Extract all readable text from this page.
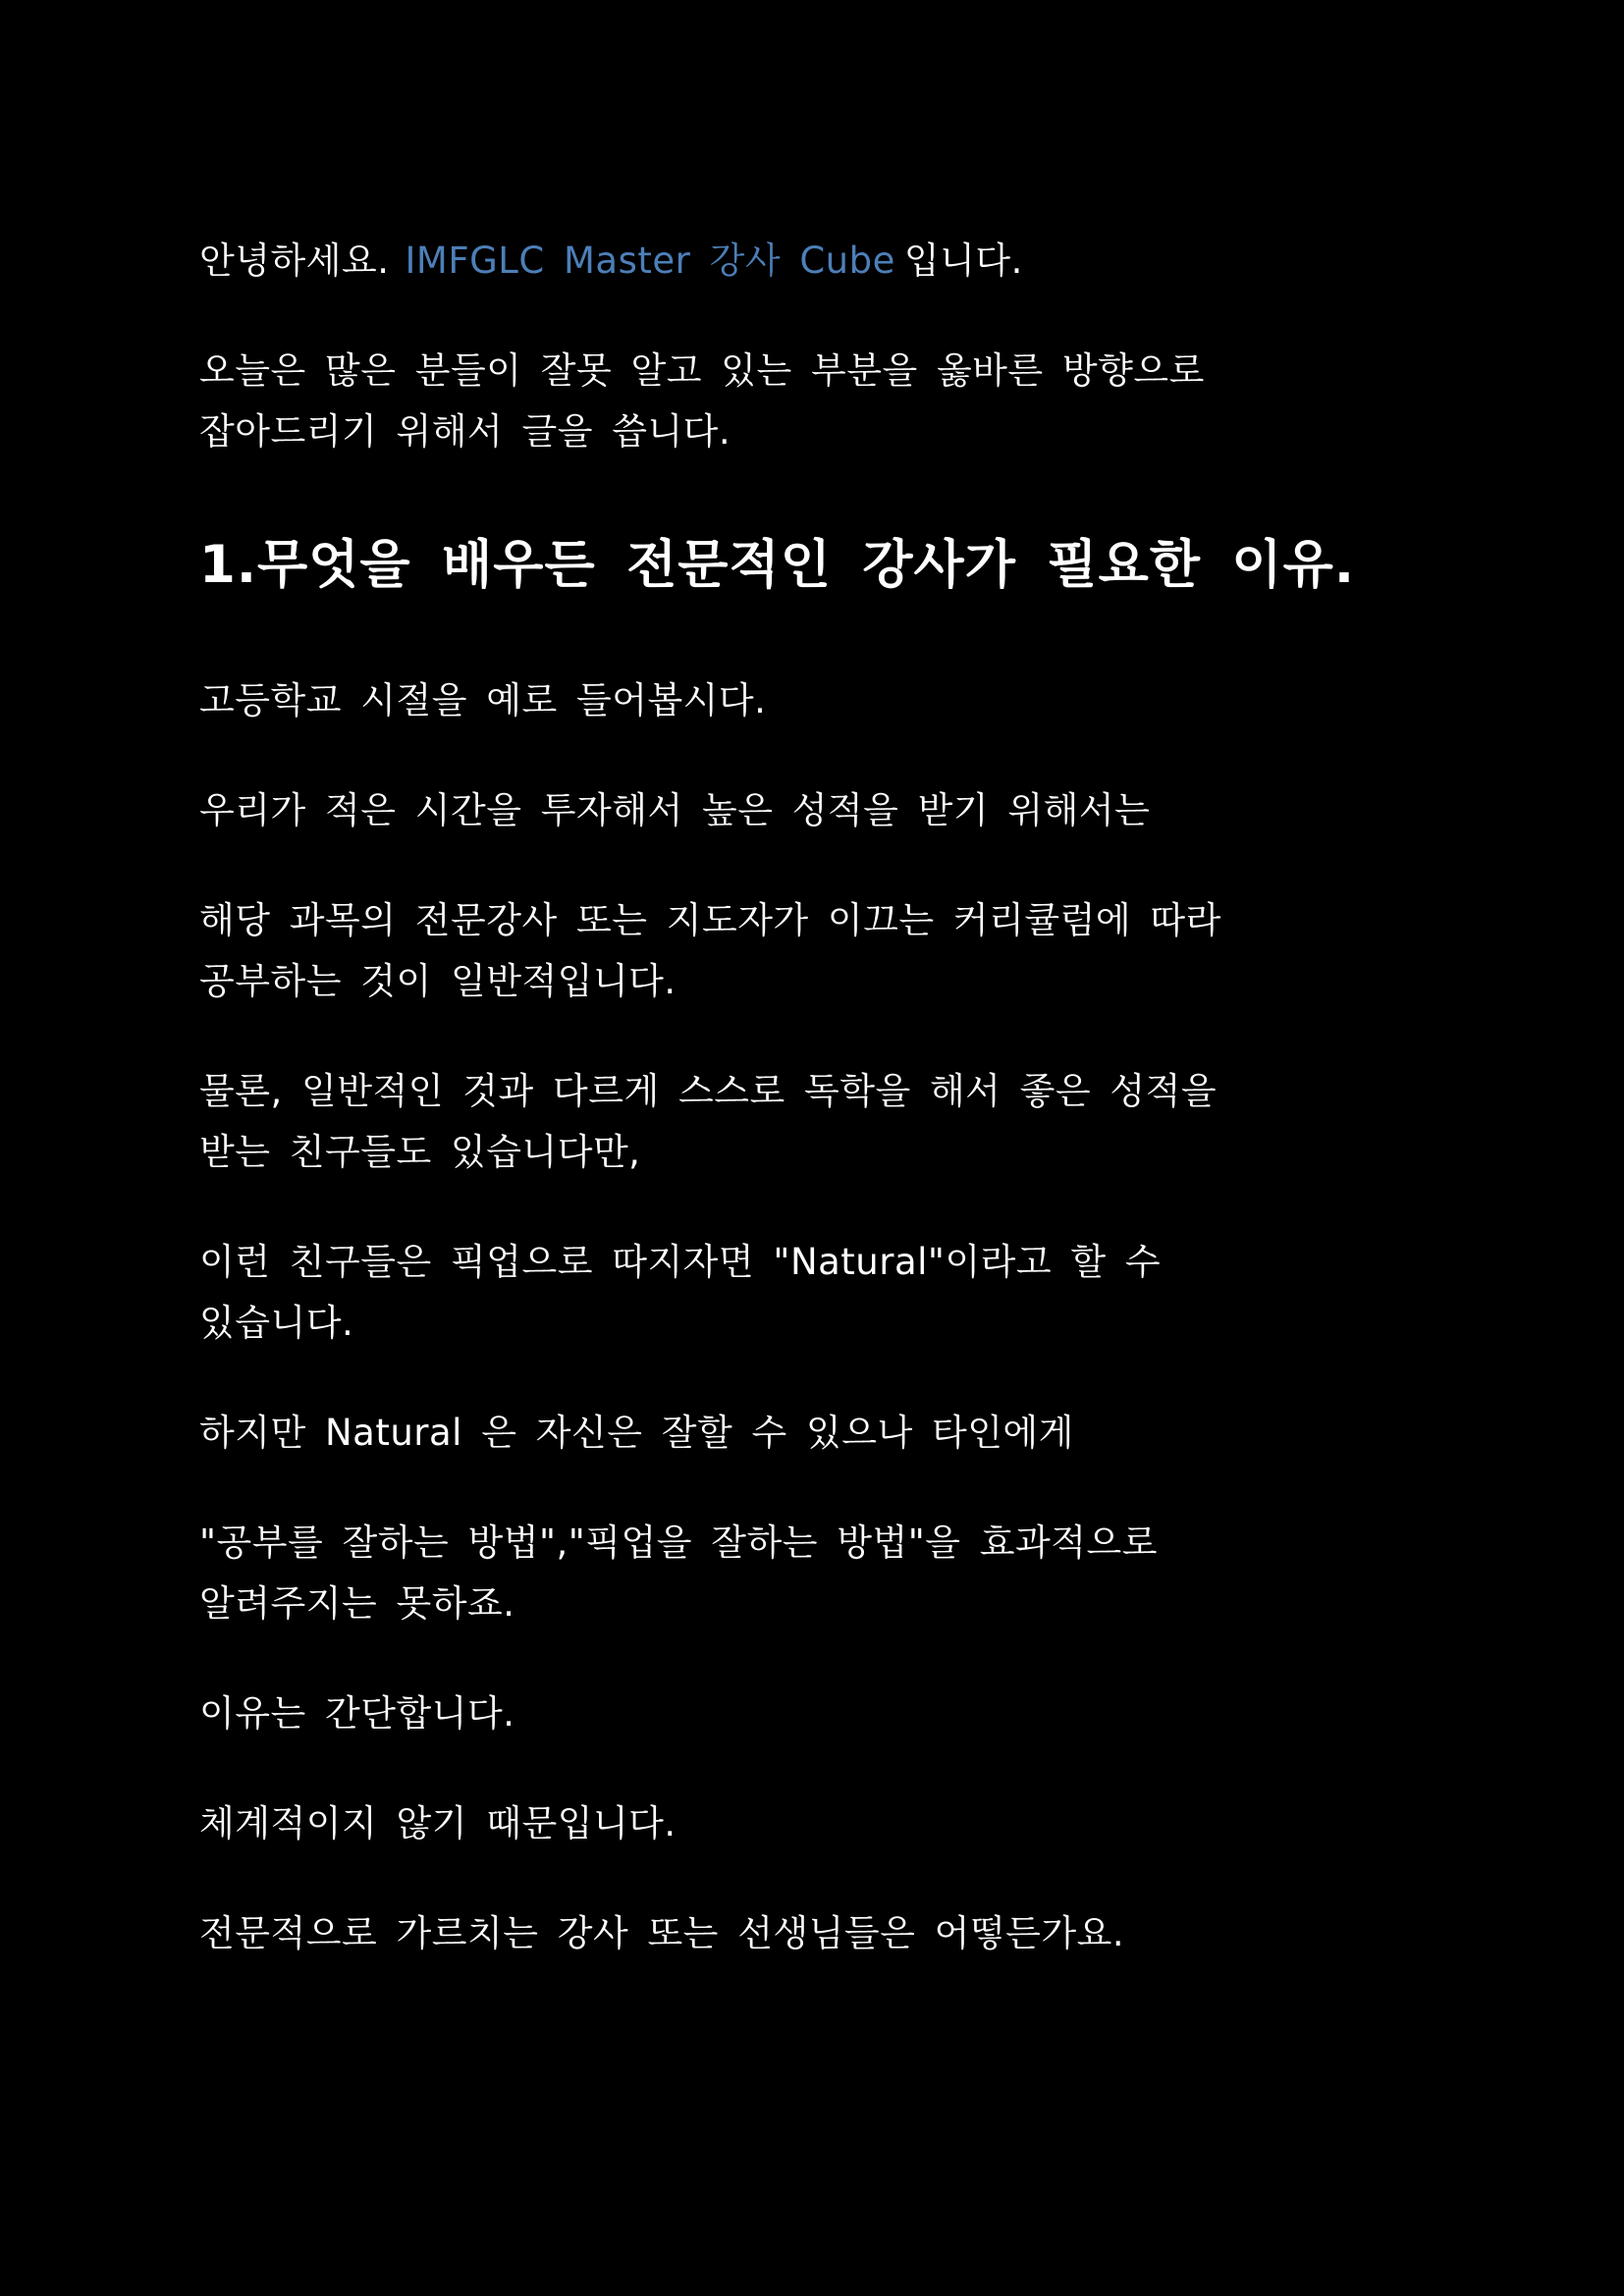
안녕하세요. IMFGLC Master 강사 Cube 입니다.

오늘은 많은 분들이 잘못 알고 있는 부분을 옳바른 방향으로
잡아드리기 위해서 글을 씁니다.

1.무엇을 배우든 전문적인 강사가 필요한 이유.

고등학교 시절을 예로 들어봅시다.

우리가 적은 시간을 투자해서 높은 성적을 받기 위해서는

해당 과목의 전문강사 또는 지도자가 이끄는 커리큘럼에 따라
공부하는 것이 일반적입니다.

물론, 일반적인 것과 다르게 스스로 독학을 해서 좋은 성적을
받는 친구들도 있습니다만,

이런 친구들은 픽업으로 따지자면 "Natural"이라고 할 수
있습니다.

하지만 Natural 은 자신은 잘할 수 있으나 타인에게

"공부를 잘하는 방법","픽업을 잘하는 방법"을 효과적으로
알려주지는 못하죠.

이유는 간단합니다.

체계적이지 않기 때문입니다.

전문적으로 가르치는 강사 또는 선생님들은 어떻든가요.
